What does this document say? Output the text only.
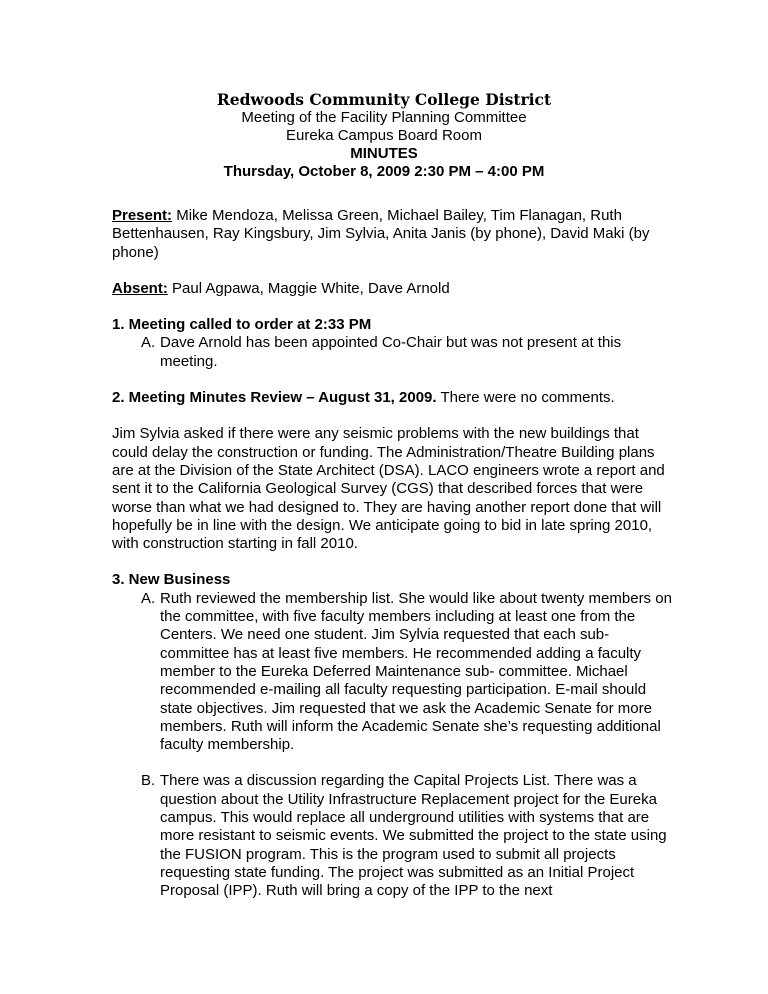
Redwoods Community College District
Meeting of the Facility Planning Committee
Eureka Campus Board Room
MINUTES
Thursday, October 8, 2009 2:30 PM – 4:00 PM

Present: Mike Mendoza, Melissa Green, Michael Bailey, Tim Flanagan, Ruth Bettenhausen, Ray Kingsbury, Jim Sylvia, Anita Janis (by phone), David Maki (by phone)

Absent: Paul Agpawa, Maggie White, Dave Arnold

1. Meeting called to order at 2:33 PM

A. Dave Arnold has been appointed Co-Chair but was not present at this meeting.

2. Meeting Minutes Review – August 31, 2009. There were no comments.

Jim Sylvia asked if there were any seismic problems with the new buildings that could delay the construction or funding. The Administration/Theatre Building plans are at the Division of the State Architect (DSA). LACO engineers wrote a report and sent it to the California Geological Survey (CGS) that described forces that were worse than what we had designed to. They are having another report done that will hopefully be in line with the design. We anticipate going to bid in late spring 2010, with construction starting in fall 2010.

3. New Business

A. Ruth reviewed the membership list. She would like about twenty members on the committee, with five faculty members including at least one from the Centers. We need one student. Jim Sylvia requested that each sub-committee has at least five members. He recommended adding a faculty member to the Eureka Deferred Maintenance sub- committee. Michael recommended e-mailing all faculty requesting participation. E-mail should state objectives. Jim requested that we ask the Academic Senate for more members. Ruth will inform the Academic Senate she’s requesting additional faculty membership.
B. There was a discussion regarding the Capital Projects List. There was a question about the Utility Infrastructure Replacement project for the Eureka campus. This would replace all underground utilities with systems that are more resistant to seismic events. We submitted the project to the state using the FUSION program. This is the program used to submit all projects requesting state funding. The project was submitted as an Initial Project Proposal (IPP). Ruth will bring a copy of the IPP to the next
